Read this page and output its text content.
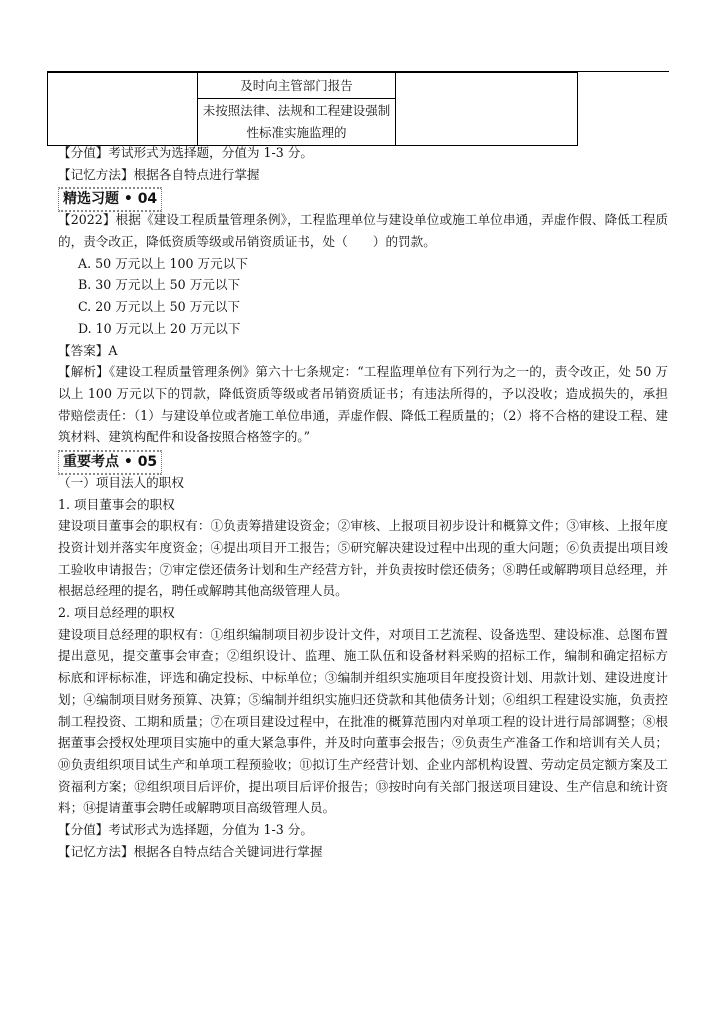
	及时向主管部门报告	

未按照法律、法规和工程建设强制
性标准实施监理的
【分值】考试形式为选择题，分值为 1-3 分。
【记忆方法】根据各自特点进行掌握
精选习题 • 04
【2022】根据《建设工程质量管理条例》，工程监理单位与建设单位或施工单位串通，弄虚作假、降低工程质
的，责令改正，降低资质等级或吊销资质证书，处（　　）的罚款。
A. 50 万元以上 100 万元以下
B. 30 万元以上 50 万元以下
C. 20 万元以上 50 万元以下
D. 10 万元以上 20 万元以下
【答案】A
【解析】《建设工程质量管理条例》第六十七条规定：“工程监理单位有下列行为之一的，责令改正，处 50 万
以上 100 万元以下的罚款，降低资质等级或者吊销资质证书；有违法所得的，予以没收；造成损失的，承担
带赔偿责任：（1）与建设单位或者施工单位串通，弄虚作假、降低工程质量的；（2）将不合格的建设工程、建
筑材料、建筑构配件和设备按照合格签字的。”
重要考点 • 05
（一）项目法人的职权
1. 项目董事会的职权
建设项目董事会的职权有：①负责筹措建设资金；②审核、上报项目初步设计和概算文件；③审核、上报年度
投资计划并落实年度资金；④提出项目开工报告；⑤研究解决建设过程中出现的重大问题；⑥负责提出项目竣
工验收申请报告；⑦审定偿还债务计划和生产经营方针，并负责按时偿还债务；⑧聘任或解聘项目总经理，并
根据总经理的提名，聘任或解聘其他高级管理人员。
2. 项目总经理的职权
建设项目总经理的职权有：①组织编制项目初步设计文件，对项目工艺流程、设备选型、建设标准、总图布置
提出意见，提交董事会审查；②组织设计、监理、施工队伍和设备材料采购的招标工作，编制和确定招标方
标底和评标标准，评选和确定投标、中标单位；③编制并组织实施项目年度投资计划、用款计划、建设进度计
划；④编制项目财务预算、决算；⑤编制并组织实施归还贷款和其他债务计划；⑥组织工程建设实施，负责控
制工程投资、工期和质量；⑦在项目建设过程中，在批准的概算范围内对单项工程的设计进行局部调整；⑧根
据董事会授权处理项目实施中的重大紧急事件，并及时向董事会报告；⑨负责生产准备工作和培训有关人员；
⑩负责组织项目试生产和单项工程预验收；⑪拟订生产经营计划、企业内部机构设置、劳动定员定额方案及工
资福利方案；⑫组织项目后评价，提出项目后评价报告；⑬按时向有关部门报送项目建设、生产信息和统计资
料；⑭提请董事会聘任或解聘项目高级管理人员。
【分值】考试形式为选择题，分值为 1-3 分。
【记忆方法】根据各自特点结合关键词进行掌握
